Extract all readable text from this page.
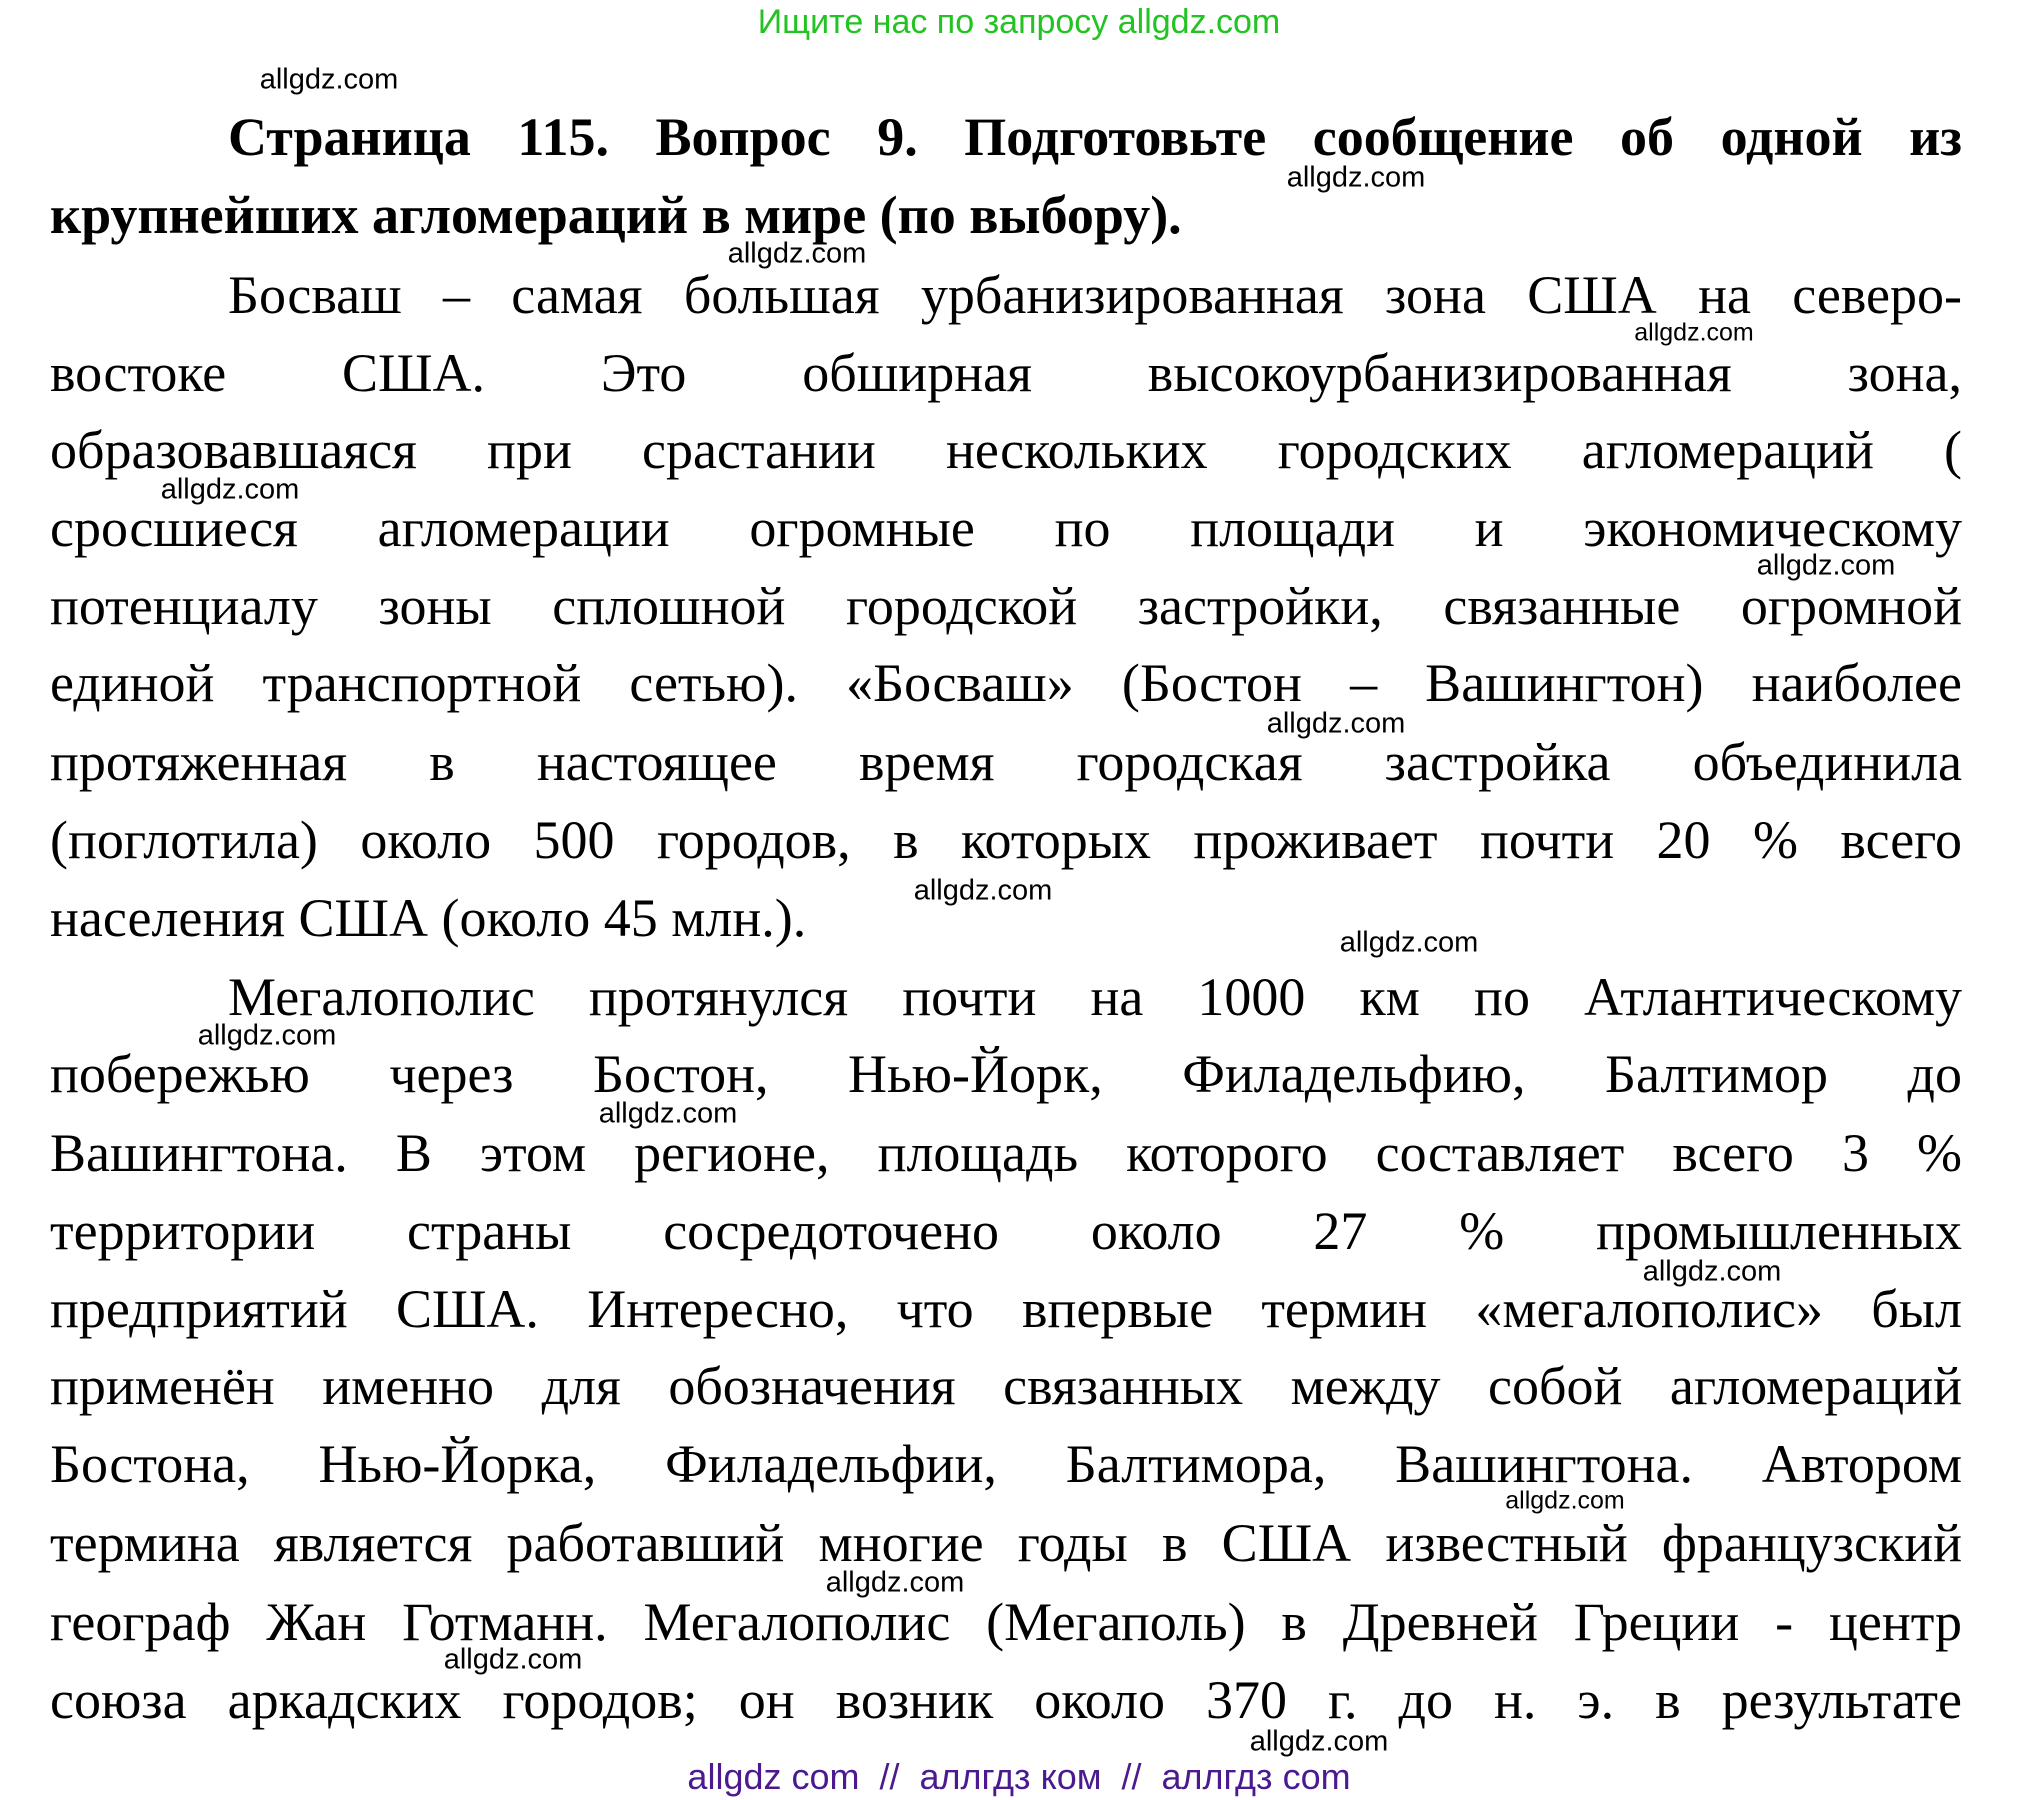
Ищите нас по запросу allgdz.com
Страница 115. Вопрос 9. Подготовьте сообщение об одной из
крупнейших агломераций в мире (по выбору).
Босваш – самая большая урбанизированная зона США на северо-
востоке США. Это обширная высокоурбанизированная зона,
образовавшаяся при срастании нескольких городских агломераций (
сросшиеся агломерации огромные по площади и экономическому
потенциалу зоны сплошной городской застройки, связанные огромной
единой транспортной сетью). «Босваш» (Бостон – Вашингтон) наиболее
протяженная в настоящее время городская застройка объединила
(поглотила) около 500 городов, в которых проживает почти 20 % всего
населения США (около 45 млн.).
Мегалополис протянулся почти на 1000 км по Атлантическому
побережью через Бостон, Нью-Йорк, Филадельфию, Балтимор до
Вашингтона. В этом регионе, площадь которого составляет всего 3 %
территории страны сосредоточено около 27 % промышленных
предприятий США. Интересно, что впервые термин «мегалополис» был
применён именно для обозначения связанных между собой агломераций
Бостона, Нью-Йорка, Филадельфии, Балтимора, Вашингтона. Автором
термина является работавший многие годы в США известный французский
географ Жан Готманн. Мегалополис (Мегаполь) в Древней Греции - центр
союза аркадских городов; он возник около 370 г. до н. э. в результате
allgdz.com
allgdz.com
allgdz.com
allgdz.com
allgdz.com
allgdz.com
allgdz.com
allgdz.com
allgdz.com
allgdz.com
allgdz.com
allgdz.com
allgdz.com
allgdz.com
allgdz.com
allgdz.com
allgdz com  //  аллгдз ком  //  аллгдз com
